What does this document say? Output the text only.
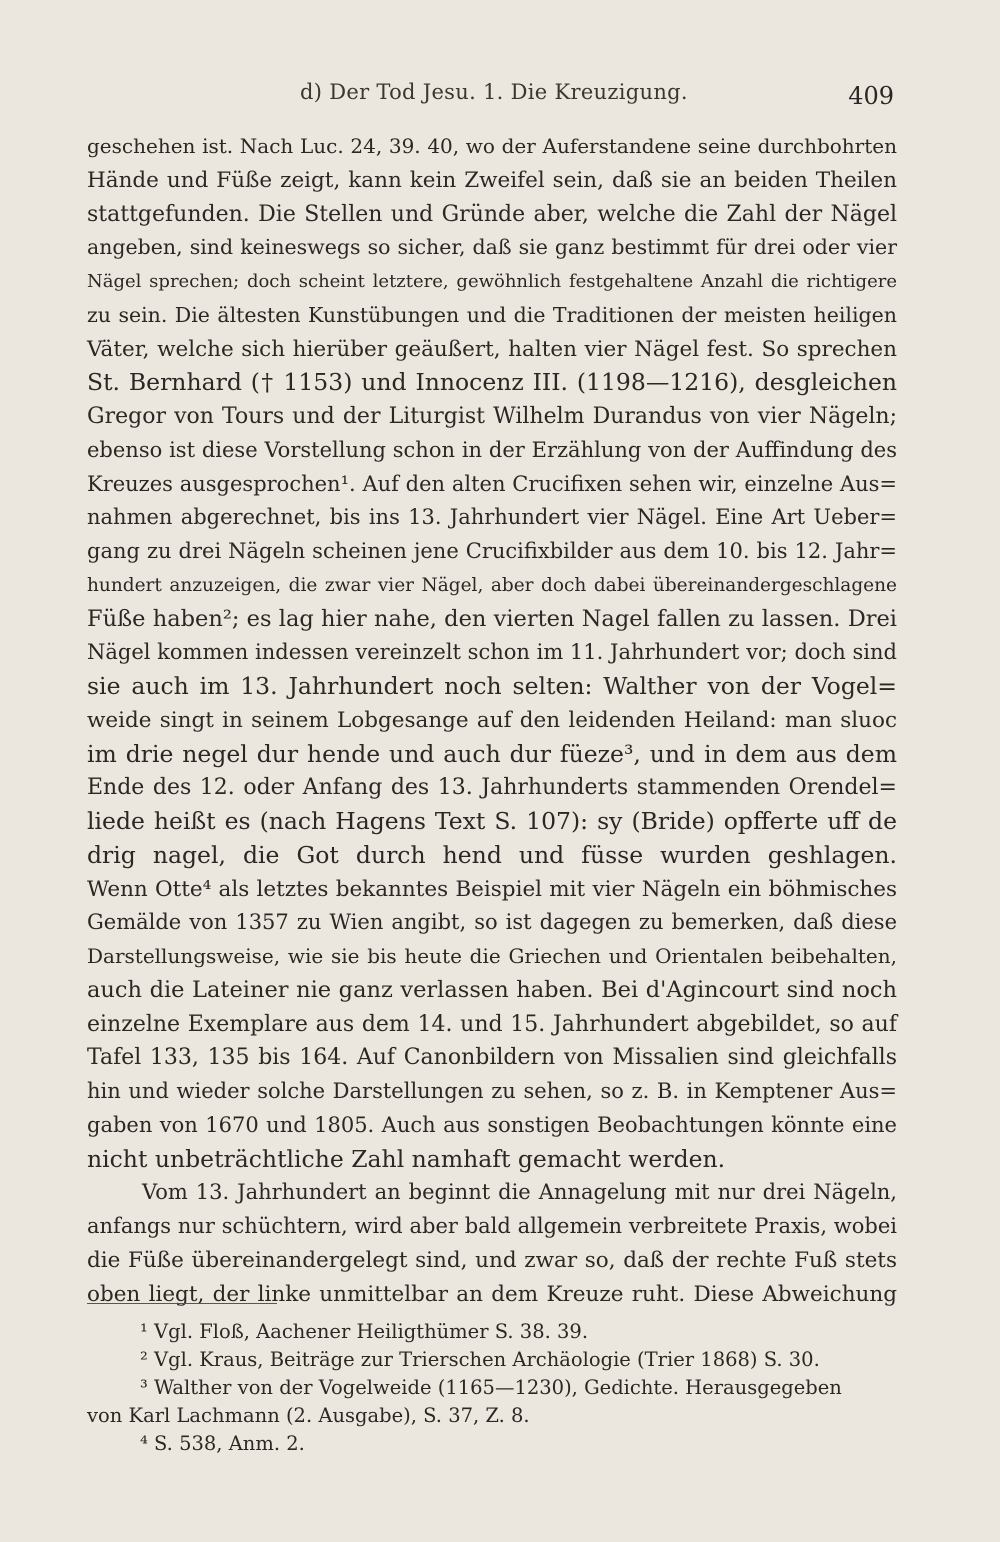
d) Der Tod Jesu. 1. Die Kreuzigung.	409
geschehen ist. Nach Luc. 24, 39. 40, wo der Auferstandene seine durchbohrten
Hände und Füße zeigt, kann kein Zweifel sein, daß sie an beiden Theilen
stattgefunden. Die Stellen und Gründe aber, welche die Zahl der Nägel
angeben, sind keineswegs so sicher, daß sie ganz bestimmt für drei oder vier
Nägel sprechen; doch scheint letztere, gewöhnlich festgehaltene Anzahl die richtigere
zu sein. Die ältesten Kunstübungen und die Traditionen der meisten heiligen
Väter, welche sich hierüber geäußert, halten vier Nägel fest. So sprechen
St. Bernhard († 1153) und Innocenz III. (1198—1216), desgleichen
Gregor von Tours und der Liturgist Wilhelm Durandus von vier Nägeln;
ebenso ist diese Vorstellung schon in der Erzählung von der Auffindung des
Kreuzes ausgesprochen¹. Auf den alten Crucifixen sehen wir, einzelne Aus=
nahmen abgerechnet, bis ins 13. Jahrhundert vier Nägel. Eine Art Ueber=
gang zu drei Nägeln scheinen jene Crucifixbilder aus dem 10. bis 12. Jahr=
hundert anzuzeigen, die zwar vier Nägel, aber doch dabei übereinandergeschlagene
Füße haben²; es lag hier nahe, den vierten Nagel fallen zu lassen. Drei
Nägel kommen indessen vereinzelt schon im 11. Jahrhundert vor; doch sind
sie auch im 13. Jahrhundert noch selten: Walther von der Vogel=
weide singt in seinem Lobgesange auf den leidenden Heiland: man sluoc
im drie negel dur hende und auch dur füeze³, und in dem aus dem
Ende des 12. oder Anfang des 13. Jahrhunderts stammenden Orendel=
liede heißt es (nach Hagens Text S. 107): sy (Bride) opfferte uff de
drig nagel, die Got durch hend und füsse wurden geshlagen.
Wenn Otte⁴ als letztes bekanntes Beispiel mit vier Nägeln ein böhmisches
Gemälde von 1357 zu Wien angibt, so ist dagegen zu bemerken, daß diese
Darstellungsweise, wie sie bis heute die Griechen und Orientalen beibehalten,
auch die Lateiner nie ganz verlassen haben. Bei d'Agincourt sind noch
einzelne Exemplare aus dem 14. und 15. Jahrhundert abgebildet, so auf
Tafel 133, 135 bis 164. Auf Canonbildern von Missalien sind gleichfalls
hin und wieder solche Darstellungen zu sehen, so z. B. in Kemptener Aus=
gaben von 1670 und 1805. Auch aus sonstigen Beobachtungen könnte eine
nicht unbeträchtliche Zahl namhaft gemacht werden.
Vom 13. Jahrhundert an beginnt die Annagelung mit nur drei Nägeln,
anfangs nur schüchtern, wird aber bald allgemein verbreitete Praxis, wobei
die Füße übereinandergelegt sind, und zwar so, daß der rechte Fuß stets
oben liegt, der linke unmittelbar an dem Kreuze ruht. Diese Abweichung
¹ Vgl. Floß, Aachener Heiligthümer S. 38. 39.
² Vgl. Kraus, Beiträge zur Trierschen Archäologie (Trier 1868) S. 30.
³ Walther von der Vogelweide (1165—1230), Gedichte. Herausgegeben
von Karl Lachmann (2. Ausgabe), S. 37, Z. 8.
⁴ S. 538, Anm. 2.
